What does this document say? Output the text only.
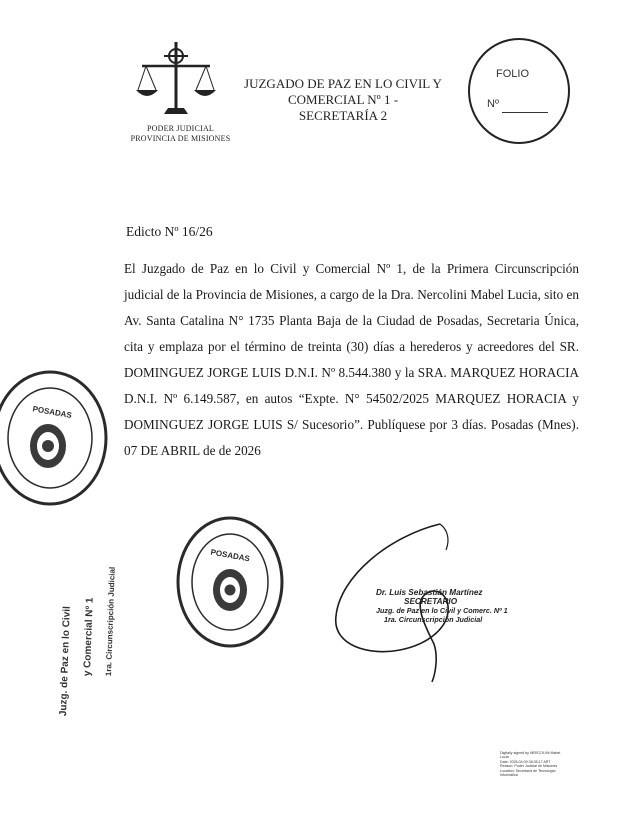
PODER JUDICIAL
PROVINCIA DE MISIONES
JUZGADO DE PAZ EN LO CIVIL Y
COMERCIAL Nº 1 -
SECRETARÍA 2
FOLIO
Nº
Edicto Nº 16/26
El Juzgado de Paz en lo Civil y Comercial Nº 1, de la Primera Circunscripción
judicial de la Provincia de Misiones, a cargo de la Dra. Nercolini Mabel Lucia, sito en
Av. Santa Catalina N° 1735 Planta Baja de la Ciudad de Posadas, Secretaria Única,
cita y emplaza por el término de treinta (30) días a herederos y acreedores del SR.
DOMINGUEZ JORGE LUIS D.N.I. Nº 8.544.380 y la SRA. MARQUEZ HORACIA
D.N.I. Nº 6.149.587, en autos “Expte. N° 54502/2025 MARQUEZ HORACIA y
DOMINGUEZ JORGE LUIS S/ Sucesorio”. Publíquese por 3 días. Posadas (Mnes).
07 DE ABRIL de de 2026
POSADAS
POSADAS
Juzg. de Paz en lo Civil y Comercial Nº 1 1ra. Circunscripción Judicial	Dr. Luis Sebastián Martínez
SECRETARIO
Juzg. de Paz en lo Civil y Comerc. Nº 1
1ra. Circunscripción Judicial
Digitally signed by NERCOLINI Mabel
Lucia
Date: 2026.04.09 08:35:17 ART
Reason: Poder Judicial de Misiones
Location: Secretaría de Tecnología
Informática
